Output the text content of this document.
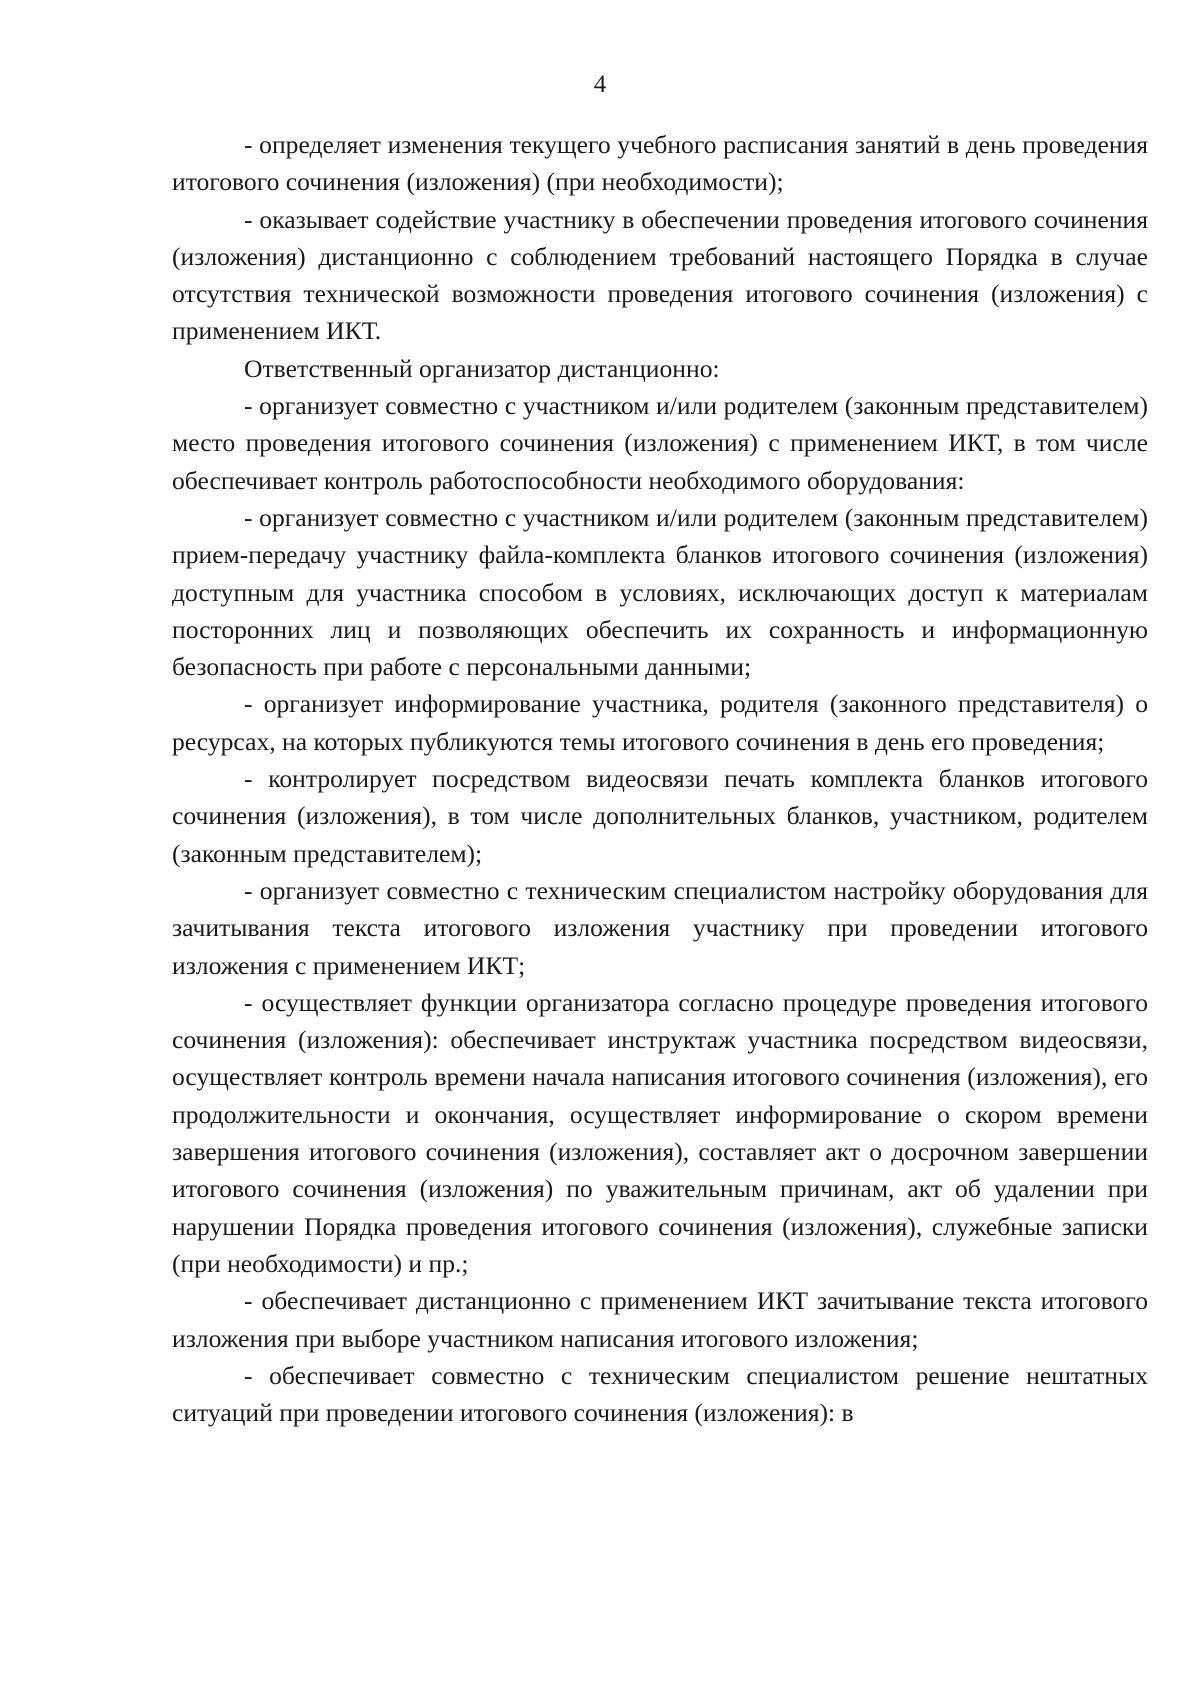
4

- определяет изменения текущего учебного расписания занятий в день проведения итогового сочинения (изложения) (при необходимости);

- оказывает содействие участнику в обеспечении проведения итогового сочинения (изложения) дистанционно с соблюдением требований настоящего Порядка в случае отсутствия технической возможности проведения итогового сочинения (изложения) с применением ИКТ.

Ответственный организатор дистанционно:

- организует совместно с участником и/или родителем (законным представителем) место проведения итогового сочинения (изложения) с применением ИКТ, в том числе обеспечивает контроль работоспособности необходимого оборудования:

- организует совместно с участником и/или родителем (законным представителем) прием-передачу участнику файла-комплекта бланков итогового сочинения (изложения) доступным для участника способом в условиях, исключающих доступ к материалам посторонних лиц и позволяющих обеспечить их сохранность и информационную безопасность при работе с персональными данными;

- организует информирование участника, родителя (законного представителя) о ресурсах, на которых публикуются темы итогового сочинения в день его проведения;

- контролирует посредством видеосвязи печать комплекта бланков итогового сочинения (изложения), в том числе дополнительных бланков, участником, родителем (законным представителем);

- организует совместно с техническим специалистом настройку оборудования для зачитывания текста итогового изложения участнику при проведении итогового изложения с применением ИКТ;

- осуществляет функции организатора согласно процедуре проведения итогового сочинения (изложения): обеспечивает инструктаж участника посредством видеосвязи, осуществляет контроль времени начала написания итогового сочинения (изложения), его продолжительности и окончания, осуществляет информирование о скором времени завершения итогового сочинения (изложения), составляет акт о досрочном завершении итогового сочинения (изложения) по уважительным причинам, акт об удалении при нарушении Порядка проведения итогового сочинения (изложения), служебные записки (при необходимости) и пр.;

- обеспечивает дистанционно с применением ИКТ зачитывание текста итогового изложения при выборе участником написания итогового изложения;

- обеспечивает совместно с техническим специалистом решение нештатных ситуаций при проведении итогового сочинения (изложения): в
